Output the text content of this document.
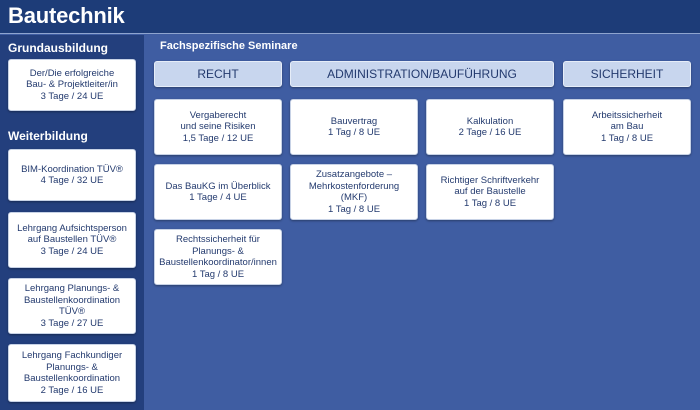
Bautechnik
Grundausbildung
Der/Die erfolgreiche
Bau- & Projektleiter/in
3 Tage / 24 UE
Weiterbildung
BIM-Koordination TÜV®
4 Tage / 32 UE
Lehrgang Aufsichtsperson
auf Baustellen TÜV®
3 Tage / 24 UE
Lehrgang Planungs- &
Baustellenkoordination TÜV®
3 Tage / 27 UE
Lehrgang Fachkundiger
Planungs- &
Baustellenkoordination
2 Tage / 16 UE
Fachspezifische Seminare
RECHT	ADMINISTRATION/BAUFÜHRUNG	SICHERHEIT
Vergaberecht
und seine Risiken
1,5 Tage / 12 UE
Das BauKG im Überblick
1 Tage / 4 UE
Rechtssicherheit für
Planungs- &
Baustellenkoordinator/innen
1 Tag / 8 UE
Bauvertrag
1 Tag / 8 UE
Kalkulation
2 Tage / 16 UE
Zusatzangebote –
Mehrkostenforderung
(MKF)
1 Tag / 8 UE
Richtiger Schriftverkehr
auf der Baustelle
1 Tag / 8 UE
Arbeitssicherheit
am Bau
1 Tag / 8 UE
